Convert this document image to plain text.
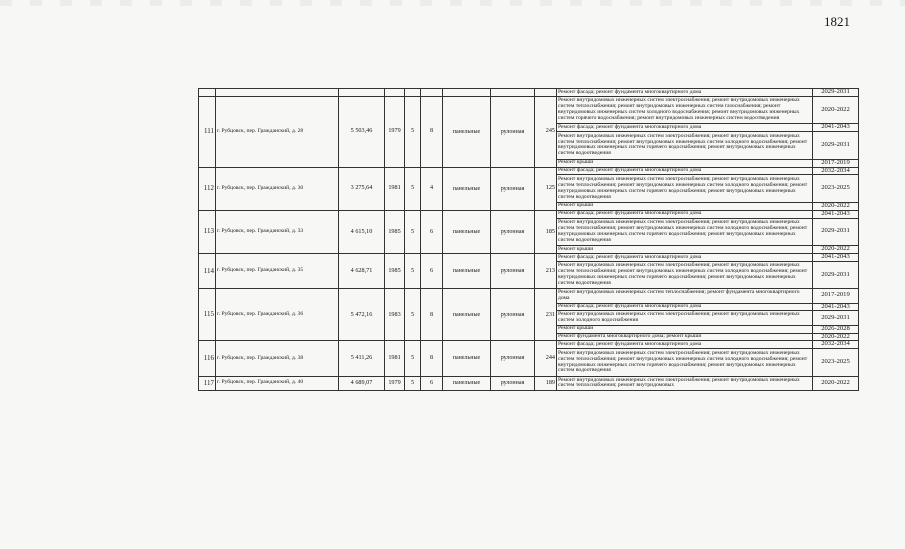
1821
									Ремонт фасада; ремонт фундамента многоквартирного дома	2029-2031
111	г. Рубцовск, пер. Гражданский, д. 28	5 503,46	1979	5	8	панельные	рулонная	245	Ремонт внутридомовых инженерных систем электроснабжения; ремонт внутридомовых инженерных систем теплоснабжения; ремонт внутридомовых инженерных систем газоснабжения; ремонт внутридомовых инженерных систем холодного водоснабжения; ремонт внутридомовых инженерных систем горячего водоснабжения; ремонт внутридомовых инженерных систем водоотведения	2020-2022
									Ремонт фасада; ремонт фундамента многоквартирного дома	2041-2043
									Ремонт внутридомовых инженерных систем электроснабжения; ремонт внутридомовых инженерных систем теплоснабжения; ремонт внутридомовых инженерных систем холодного водоснабжения; ремонт внутридомовых инженерных систем горячего водоснабжения; ремонт внутридомовых инженерных систем водоотведения	2029-2031
									Ремонт крыши	2017-2019
112	г. Рубцовск, пер. Гражданский, д. 30	3 275,64	1981	5	4	панельные	рулонная	125	Ремонт фасада; ремонт фундамента многоквартирного дома	2032-2034
									Ремонт внутридомовых инженерных систем электроснабжения; ремонт внутридомовых инженерных систем теплоснабжения; ремонт внутридомовых инженерных систем холодного водоснабжения; ремонт внутридомовых инженерных систем горячего водоснабжения; ремонт внутридомовых инженерных систем водоотведения	2023-2025
									Ремонт крыши	2020-2022
113	г. Рубцовск, пер. Гражданский, д. 33	4 615,10	1985	5	6	панельные	рулонная	185	Ремонт фасада; ремонт фундамента многоквартирного дома	2041-2043
									Ремонт внутридомовых инженерных систем электроснабжения; ремонт внутридомовых инженерных систем теплоснабжения; ремонт внутридомовых инженерных систем холодного водоснабжения; ремонт внутридомовых инженерных систем горячего водоснабжения; ремонт внутридомовых инженерных систем водоотведения	2029-2031
									Ремонт крыши	2020-2022
114	г. Рубцовск, пер. Гражданский, д. 35	4 628,71	1985	5	6	панельные	рулонная	213	Ремонт фасада; ремонт фундамента многоквартирного дома	2041-2043
									Ремонт внутридомовых инженерных систем электроснабжения; ремонт внутридомовых инженерных систем теплоснабжения; ремонт внутридомовых инженерных систем холодного водоснабжения; ремонт внутридомовых инженерных систем горячего водоснабжения; ремонт внутридомовых инженерных систем водоотведения	2029-2031
115	г. Рубцовск, пер. Гражданский, д. 36	5 472,16	1983	5	8	панельные	рулонная	231	Ремонт внутридомовых инженерных систем теплоснабжения; ремонт фундамента многоквартирного дома	2017-2019
									Ремонт фасада; ремонт фундамента многоквартирного дома	2041-2043
									Ремонт внутридомовых инженерных систем электроснабжения; ремонт внутридомовых инженерных систем холодного водоснабжения	2029-2031
									Ремонт крыши	2026-2028
									Ремонт фундамента многоквартирного дома; ремонт крыши	2020-2022
116	г. Рубцовск, пер. Гражданский, д. 38	5 411,26	1981	5	8	панельные	рулонная	244	Ремонт фасада; ремонт фундамента многоквартирного дома	2032-2034
									Ремонт внутридомовых инженерных систем электроснабжения; ремонт внутридомовых инженерных систем теплоснабжения; ремонт внутридомовых инженерных систем холодного водоснабжения; ремонт внутридомовых инженерных систем горячего водоснабжения; ремонт внутридомовых инженерных систем водоотведения	2023-2025
117	г. Рубцовск, пер. Гражданский, д. 40	4 689,07	1979	5	6	панельные	рулонная	189	Ремонт внутридомовых инженерных систем электроснабжения; ремонт внутридомовых инженерных систем теплоснабжения; ремонт внутридомовых	2020-2022
